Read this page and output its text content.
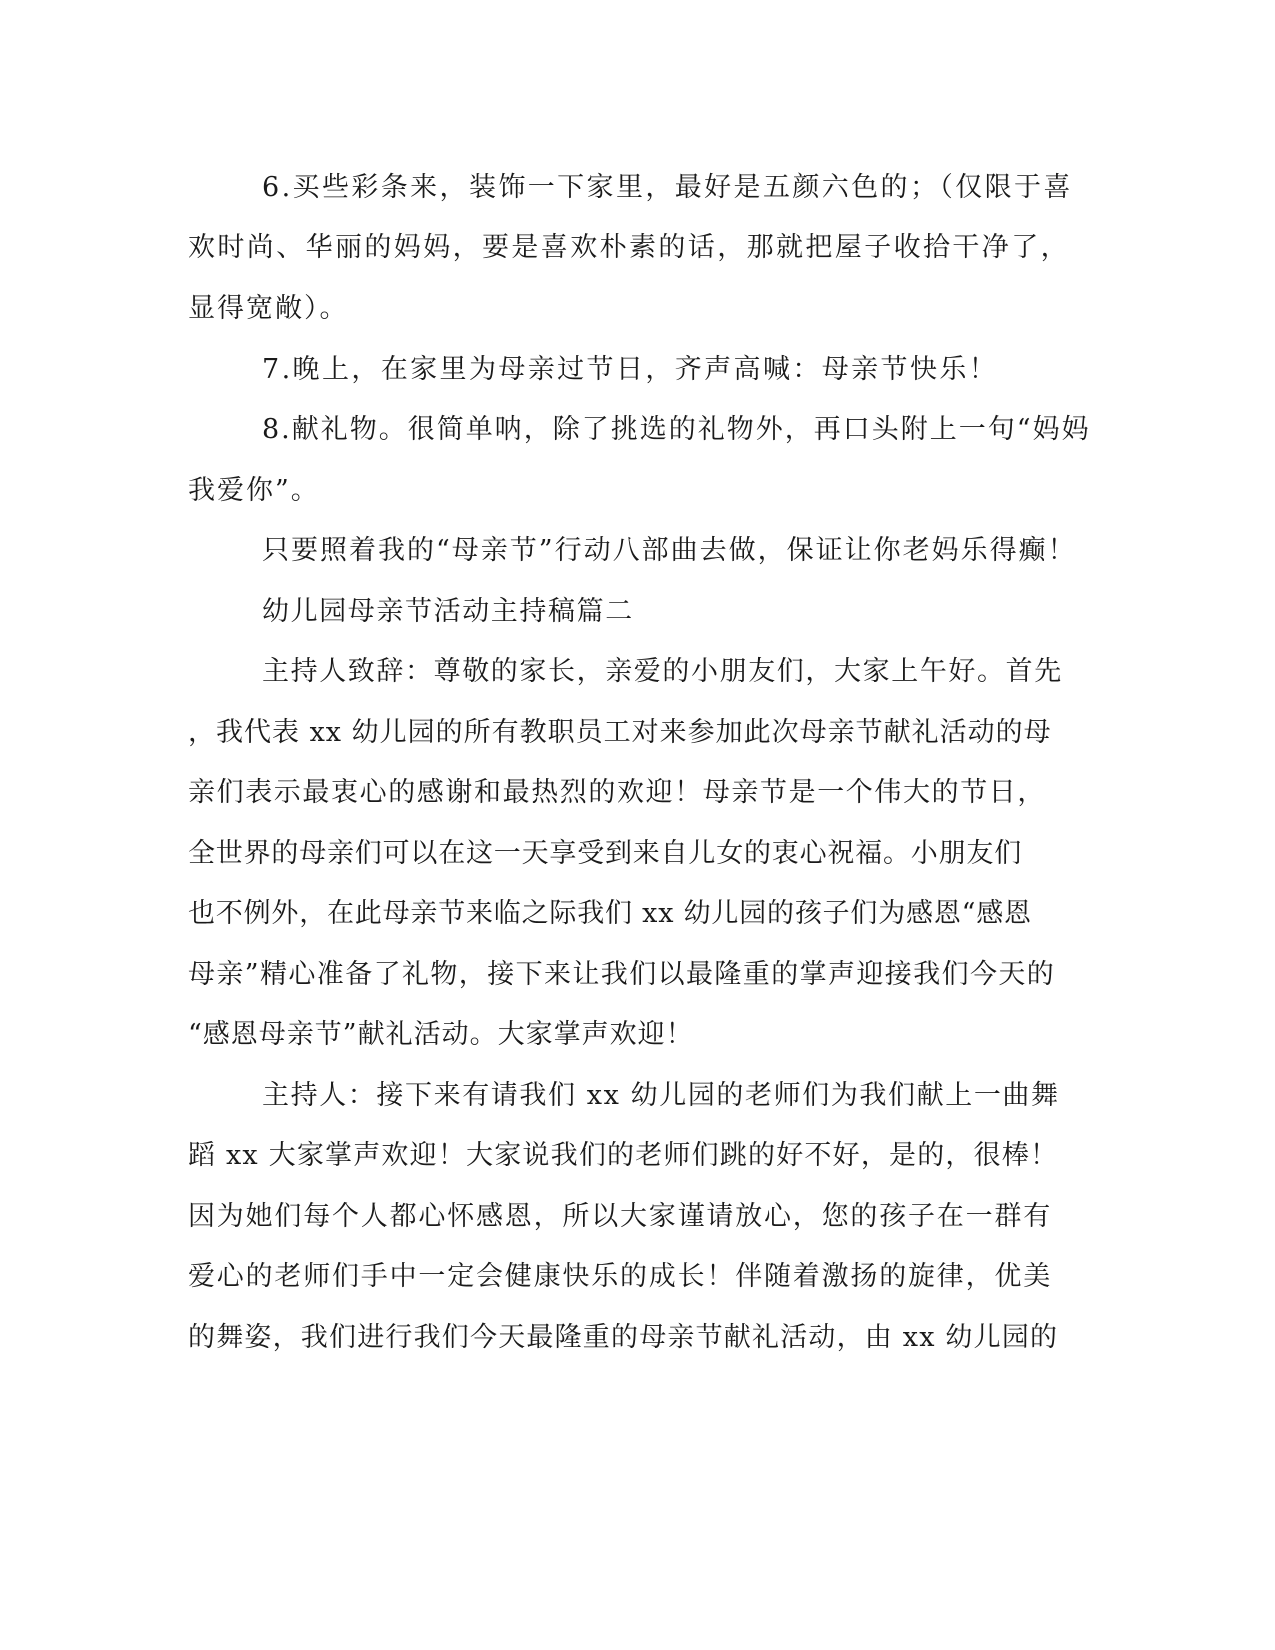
6.买些彩条来，装饰一下家里，最好是五颜六色的；（仅限于喜
欢时尚、华丽的妈妈，要是喜欢朴素的话，那就把屋子收拾干净了，
显得宽敞）。
7.晚上，在家里为母亲过节日，齐声高喊：母亲节快乐！
8.献礼物。很简单呐，除了挑选的礼物外，再口头附上一句“妈妈
我爱你”。
只要照着我的“母亲节”行动八部曲去做，保证让你老妈乐得癫！
幼儿园母亲节活动主持稿篇二
主持人致辞：尊敬的家长，亲爱的小朋友们，大家上午好。首先
，我代表 xx 幼儿园的所有教职员工对来参加此次母亲节献礼活动的母
亲们表示最衷心的感谢和最热烈的欢迎！母亲节是一个伟大的节日，
全世界的母亲们可以在这一天享受到来自儿女的衷心祝福。小朋友们
也不例外，在此母亲节来临之际我们 xx 幼儿园的孩子们为感恩“感恩
母亲”精心准备了礼物，接下来让我们以最隆重的掌声迎接我们今天的
“感恩母亲节”献礼活动。大家掌声欢迎！
主持人：接下来有请我们 xx 幼儿园的老师们为我们献上一曲舞
蹈 xx 大家掌声欢迎！大家说我们的老师们跳的好不好，是的，很棒！
因为她们每个人都心怀感恩，所以大家谨请放心，您的孩子在一群有
爱心的老师们手中一定会健康快乐的成长！伴随着激扬的旋律，优美
的舞姿，我们进行我们今天最隆重的母亲节献礼活动，由 xx 幼儿园的
